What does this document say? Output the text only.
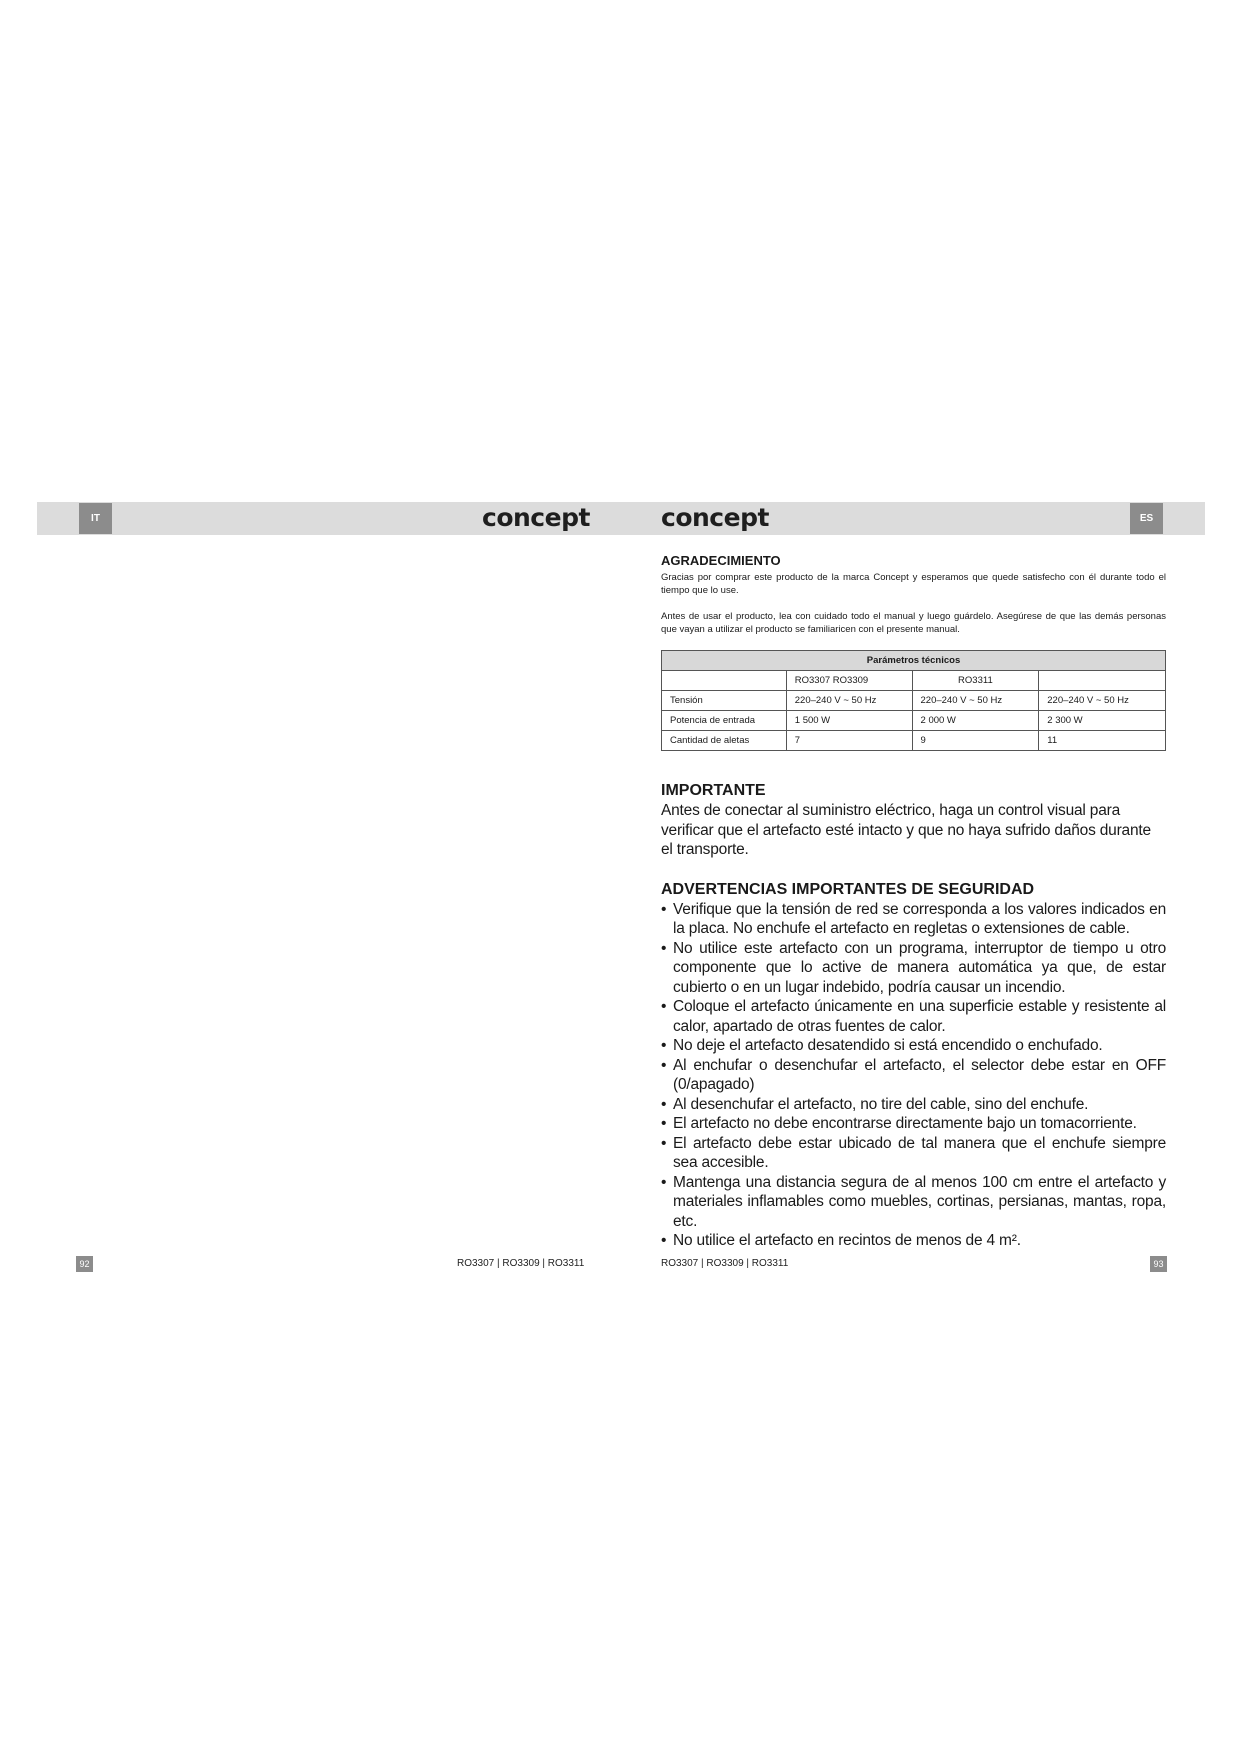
IT	ES
concept	concept

AGRADECIMIENTO

Gracias por comprar este producto de la marca Concept y esperamos que quede satisfecho con él durante todo el tiempo que lo use.

Antes de usar el producto, lea con cuidado todo el manual y luego guárdelo. Asegúrese de que las demás personas que vayan a utilizar el producto se familiaricen con el presente manual.

Parámetros técnicos			
	RO3307 RO3309	RO3311	
Tensión	220–240 V ~ 50 Hz	220–240 V ~ 50 Hz	220–240 V ~ 50 Hz
Potencia de entrada	1 500 W	2 000 W	2 300 W
Cantidad de aletas	7	9	11

IMPORTANTE

Antes de conectar al suministro eléctrico, haga un control visual para verificar que el artefacto esté intacto y que no haya sufrido daños durante el transporte.

ADVERTENCIAS IMPORTANTES DE SEGURIDAD

• Verifique que la tensión de red se corresponda a los valores indicados en la placa. No enchufe el artefacto en regletas o extensiones de cable.
• No utilice este artefacto con un programa, interruptor de tiempo u otro componente que lo active de manera automática ya que, de estar cubierto o en un lugar indebido, podría causar un incendio.
• Coloque el artefacto únicamente en una superficie estable y resistente al calor, apartado de otras fuentes de calor.
• No deje el artefacto desatendido si está encendido o enchufado.
• Al enchufar o desenchufar el artefacto, el selector debe estar en OFF (0/apagado)
• Al desenchufar el artefacto, no tire del cable, sino del enchufe.
• El artefacto no debe encontrarse directamente bajo un tomacorriente.
• El artefacto debe estar ubicado de tal manera que el enchufe siempre sea accesible.
• Mantenga una distancia segura de al menos 100 cm entre el artefacto y materiales inflamables como muebles, cortinas, persianas, mantas, ropa, etc.
• No utilice el artefacto en recintos de menos de 4 m².
92	RO3307 | RO3309 | RO3311	RO3307 | RO3309 | RO3311	93
